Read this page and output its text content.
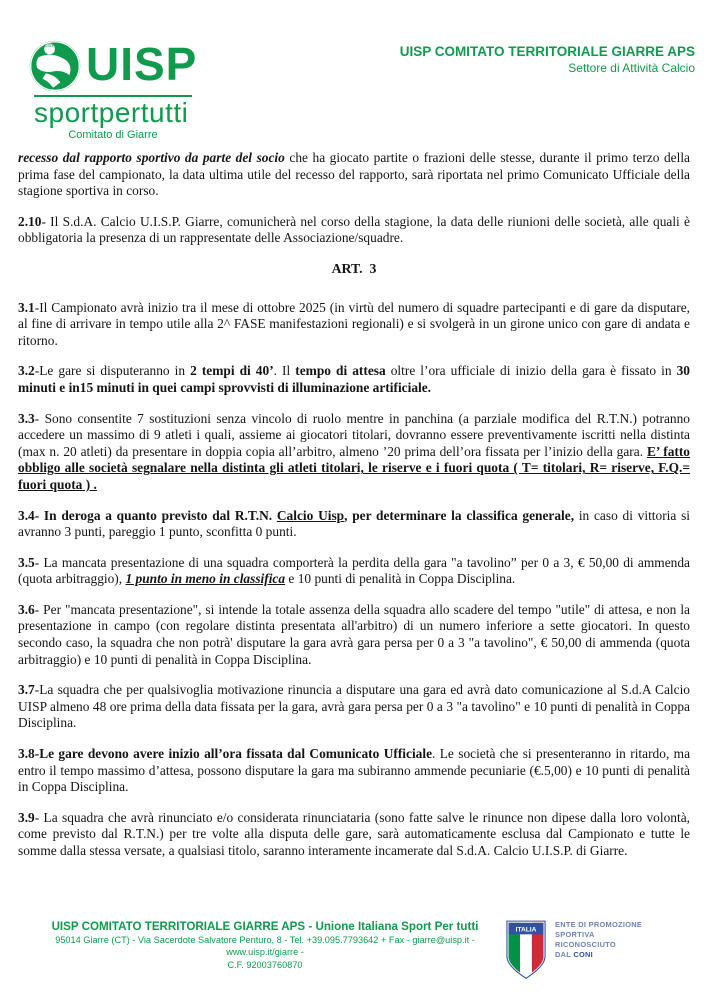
UISP UISP
sportpertutti
Comitato di Giarre
UISP COMITATO TERRITORIALE GIARRE APS
Settore di Attività Calcio

recesso dal rapporto sportivo da parte del socio che ha giocato partite o frazioni delle stesse, durante il primo terzo della prima fase del campionato, la data ultima utile del recesso del rapporto, sarà riportata nel primo Comunicato Ufficiale della stagione sportiva in corso.

2.10- Il S.d.A. Calcio U.I.S.P. Giarre, comunicherà nel corso della stagione, la data delle riunioni delle società, alle quali è obbligatoria la presenza di un rappresentate delle Associazione/squadre.

ART.  3

3.1-Il Campionato avrà inizio tra il mese di ottobre 2025 (in virtù del numero di squadre partecipanti e di gare da disputare, al fine di arrivare in tempo utile alla 2^ FASE manifestazioni regionali) e si svolgerà in un girone unico con gare di andata e ritorno.

3.2-Le gare si disputeranno in 2 tempi di 40’. Il tempo di attesa oltre l’ora ufficiale di inizio della gara è fissato in 30 minuti e in15 minuti in quei campi sprovvisti di illuminazione artificiale.

3.3- Sono consentite 7 sostituzioni senza vincolo di ruolo mentre in panchina (a parziale modifica del R.T.N.) potranno accedere un massimo di 9 atleti i quali, assieme ai giocatori titolari, dovranno essere preventivamente iscritti nella distinta (max n. 20 atleti) da presentare in doppia copia all’arbitro, almeno ’20 prima dell’ora fissata per l’inizio della gara. E’ fatto obbligo alle società segnalare nella distinta gli atleti titolari, le riserve e i fuori quota ( T= titolari, R= riserve, F.Q.= fuori quota ) .

3.4- In deroga a quanto previsto dal R.T.N. Calcio Uisp, per determinare la classifica generale, in caso di vittoria si avranno 3 punti, pareggio 1 punto, sconfitta 0 punti.

3.5- La mancata presentazione di una squadra comporterà la perdita della gara "a tavolino” per 0 a 3, € 50,00 di ammenda (quota arbitraggio), 1 punto in meno in classifica e 10 punti di penalità in Coppa Disciplina.

3.6- Per "mancata presentazione", si intende la totale assenza della squadra allo scadere del tempo "utile" di attesa, e non la presentazione in campo (con regolare distinta presentata all'arbitro) di un numero inferiore a sette giocatori. In questo secondo caso, la squadra che non potrà' disputare la gara avrà gara persa per 0 a 3 "a tavolino", € 50,00 di ammenda (quota arbitraggio) e 10 punti di penalità in Coppa Disciplina.

3.7-La squadra che per qualsivoglia motivazione rinuncia a disputare una gara ed avrà dato comunicazione al S.d.A Calcio UISP almeno 48 ore prima della data fissata per la gara, avrà gara persa per 0 a 3 "a tavolino" e 10 punti di penalità in Coppa Disciplina.

3.8-Le gare devono avere inizio all’ora fissata dal Comunicato Ufficiale. Le società che si presenteranno in ritardo, ma entro il tempo massimo d’attesa, possono disputare la gara ma subiranno ammende pecuniarie (€.5,00) e 10 punti di penalità in Coppa Disciplina.

3.9- La squadra che avrà rinunciato e/o considerata rinunciataria (sono fatte salve le rinunce non dipese dalla loro volontà, come previsto dal R.T.N.) per tre volte alla disputa delle gare, sarà automaticamente esclusa dal Campionato e tutte le somme dalla stessa versate, a qualsiasi titolo, saranno interamente incamerate dal S.d.A. Calcio U.I.S.P. di Giarre.

UISP COMITATO TERRITORIALE GIARRE APS - Unione Italiana Sport Per tutti
95014 Giarre (CT) - Via Sacerdote Salvatore Penturo, 8 - Tel. +39.095.7793642 + Fax - giarre@uisp.it - www.uisp.it/giarre -
C.F. 92003760870
ITALIA
ENTE DI PROMOZIONE
SPORTIVA
RICONOSCIUTO
DAL CONI
